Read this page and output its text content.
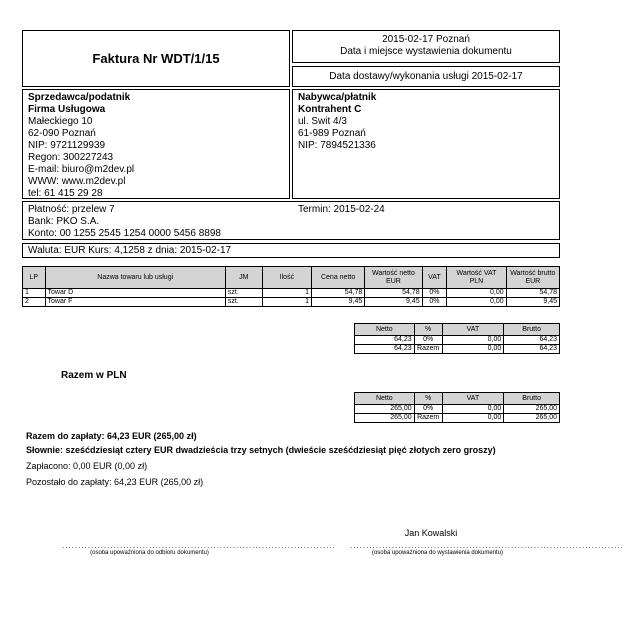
Faktura Nr WDT/1/15
2015-02-17 Poznań
Data i miejsce wystawienia dokumentu
Data dostawy/wykonania usługi 2015-02-17
Sprzedawca/podatnik
Firma Usługowa
Małeckiego 10
62-090 Poznań
NIP: 9721129939
Regon: 300227243
E-mail: biuro@m2dev.pl
WWW: www.m2dev.pl
tel: 61 415 29 28
Nabywca/płatnik
Kontrahent C
ul. Swit 4/3
61-989 Poznań
NIP: 7894521336
Płatność: przelew 7	Termin: 2015-02-24
Bank: PKO S.A.
Konto: 00 1255 2545 1254 0000 5456 8898
Waluta: EUR Kurs: 4,1258 z dnia: 2015-02-17
LP	Nazwa towaru lub usługi	JM	Ilość	Cena netto	Wartość netto EUR	VAT	Wartość VAT PLN	Wartość brutto EUR
1	Towar D	szt.	1	54,78	54,78	0%	0,00	54,78
2	Towar F	szt.	1	9,45	9,45	0%	0,00	9,45
Netto	%	VAT	Brutto
64,23	0%	0,00	64,23
64,23	Razem	0,00	64,23
Razem w PLN
Netto	%	VAT	Brutto
265,00	0%	0,00	265,00
265,00	Razem	0,00	265,00
Razem do zapłaty: 64,23 EUR (265,00 zł)
Słownie: sześćdziesiąt cztery EUR dwadzieścia trzy setnych (dwieście sześćdziesiąt pięć złotych zero groszy)
Zapłacono: 0,00 EUR (0,00 zł)
Pozostało do zapłaty: 64,23 EUR (265,00 zł)
Jan Kowalski
.....................................................................................
(osoba upoważniona do odbioru dokumentu)
.....................................................................................
(osoba upoważniona do wystawienia dokumentu)
